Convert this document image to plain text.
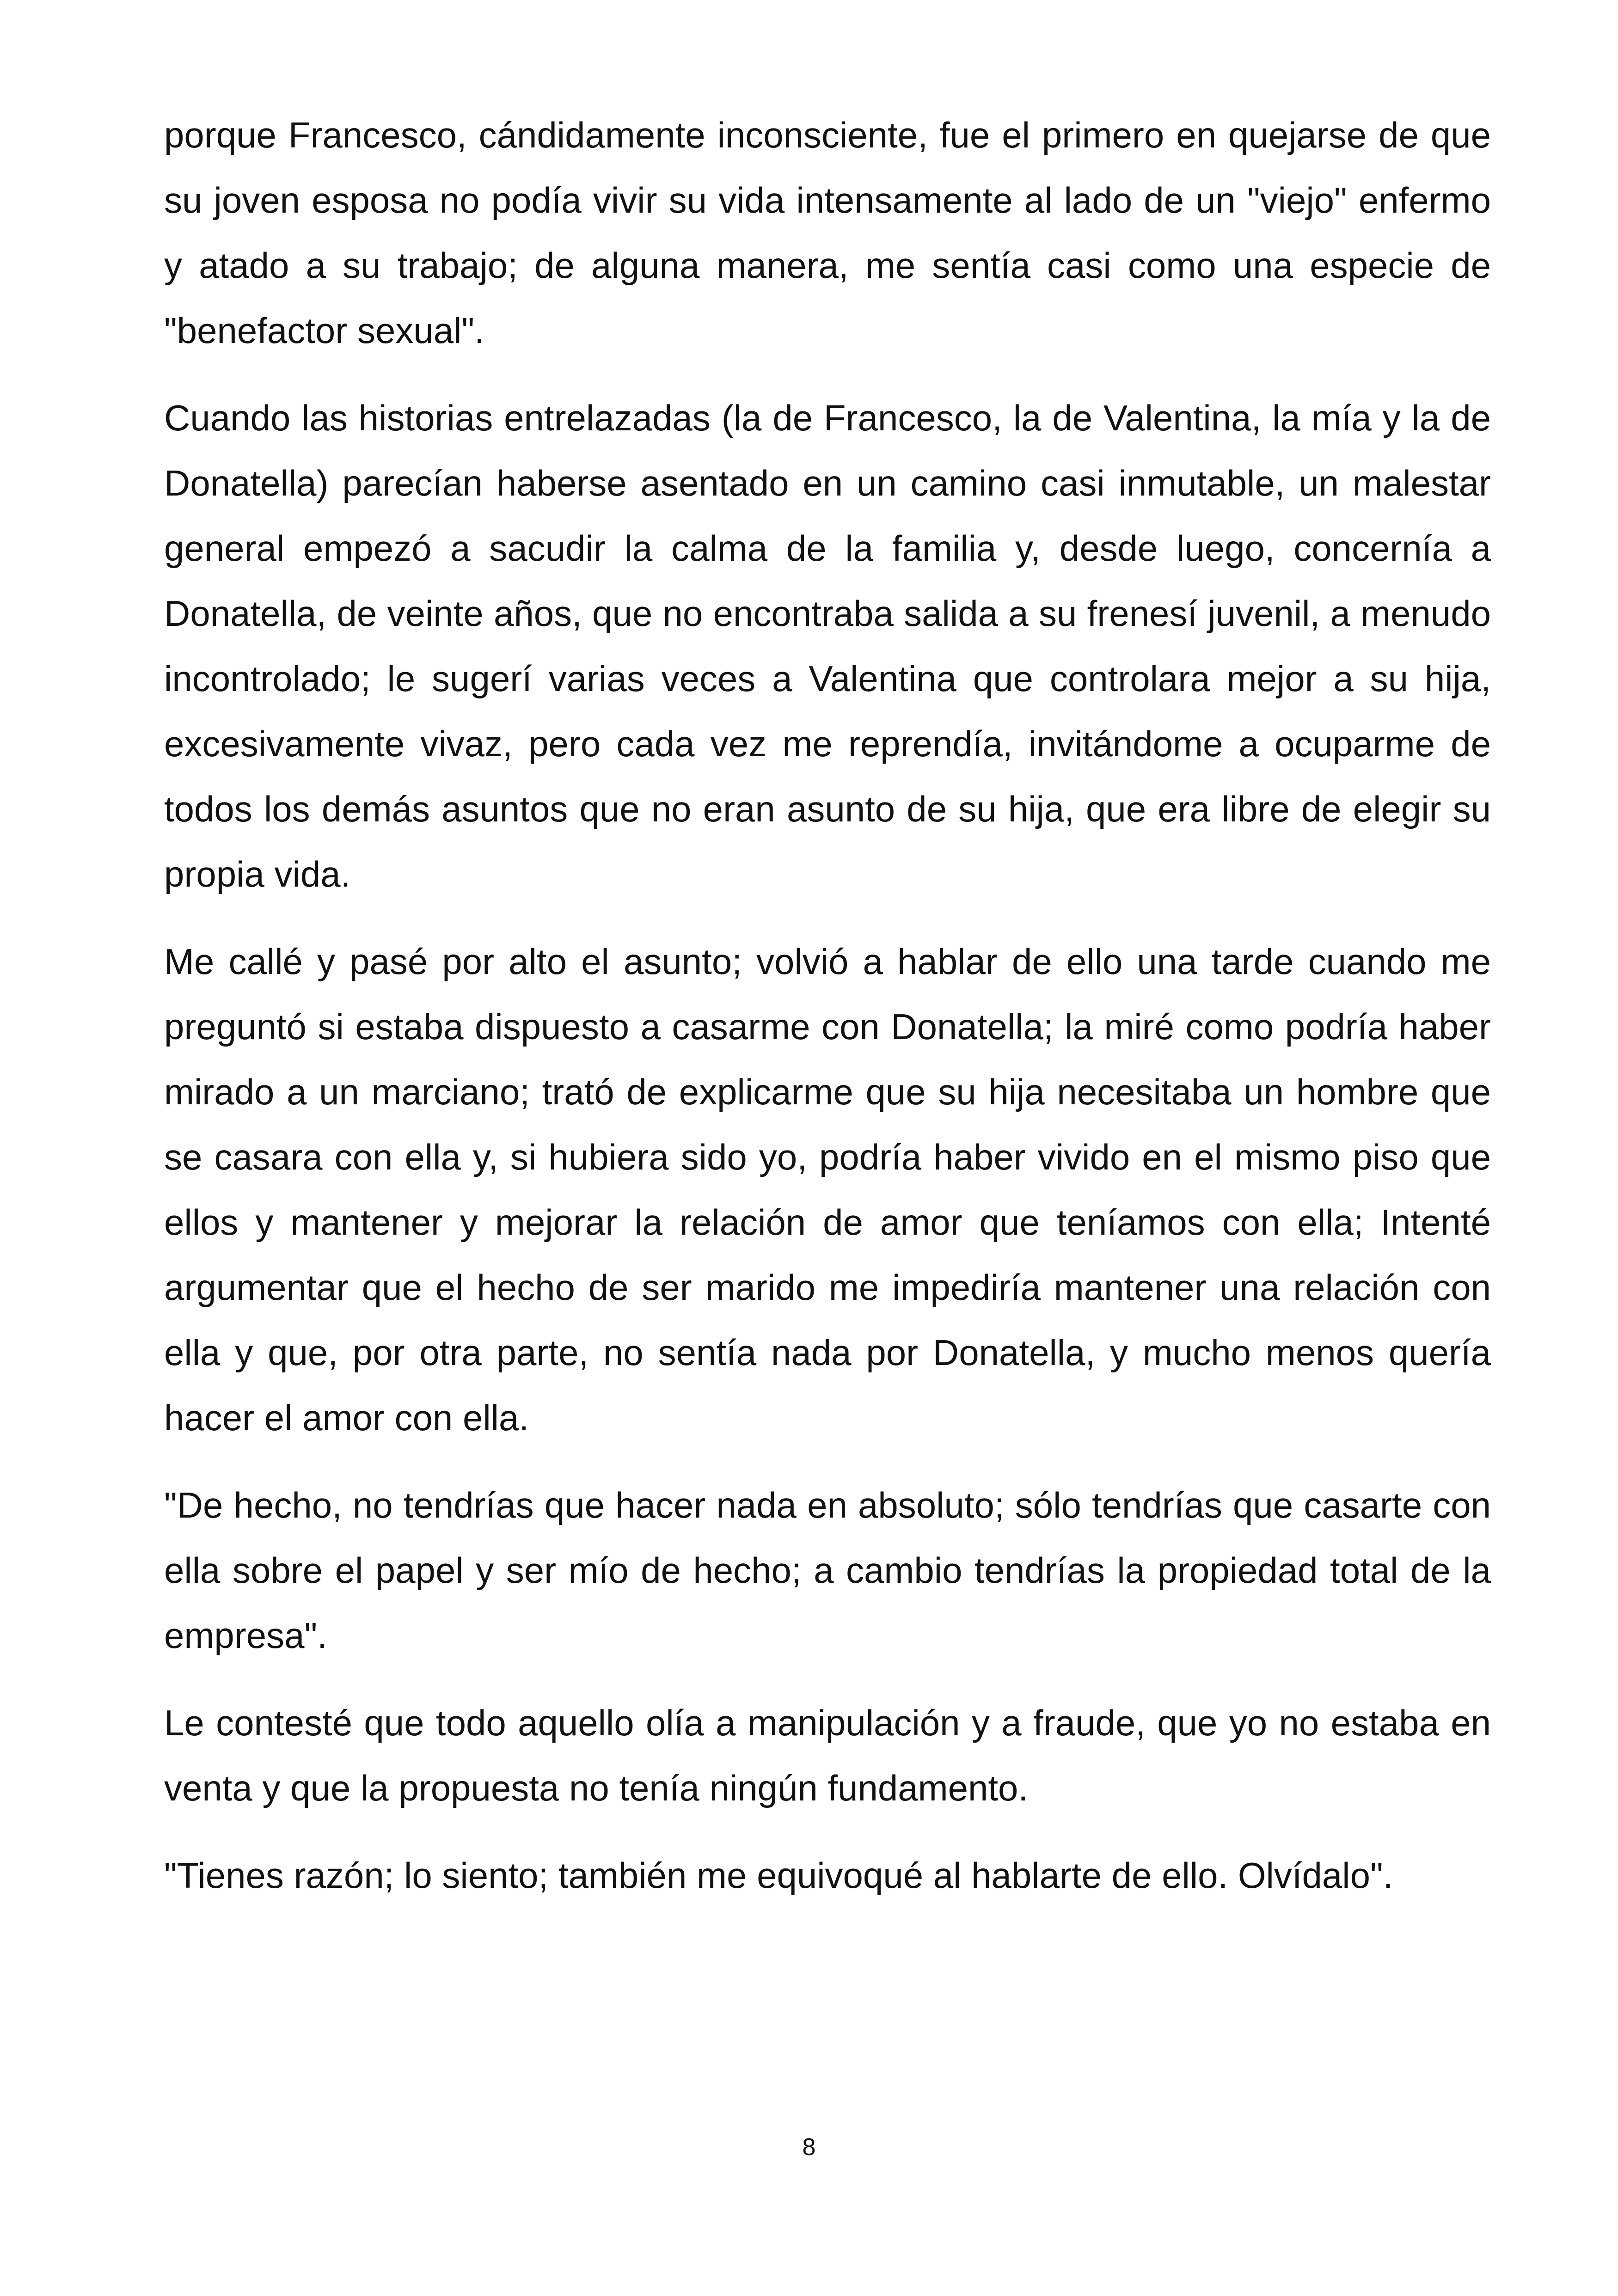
porque Francesco, cándidamente inconsciente, fue el primero en quejarse de que su joven esposa no podía vivir su vida intensamente al lado de un "viejo" enfermo y atado a su trabajo; de alguna manera, me sentía casi como una especie de "benefactor sexual".

Cuando las historias entrelazadas (la de Francesco, la de Valentina, la mía y la de Donatella) parecían haberse asentado en un camino casi inmutable, un malestar general empezó a sacudir la calma de la familia y, desde luego, concernía a Donatella, de veinte años, que no encontraba salida a su frenesí juvenil, a menudo incontrolado; le sugerí varias veces a Valentina que controlara mejor a su hija, excesivamente vivaz, pero cada vez me reprendía, invitándome a ocuparme de todos los demás asuntos que no eran asunto de su hija, que era libre de elegir su propia vida.

Me callé y pasé por alto el asunto; volvió a hablar de ello una tarde cuando me preguntó si estaba dispuesto a casarme con Donatella; la miré como podría haber mirado a un marciano; trató de explicarme que su hija necesitaba un hombre que se casara con ella y, si hubiera sido yo, podría haber vivido en el mismo piso que ellos y mantener y mejorar la relación de amor que teníamos con ella; Intenté argumentar que el hecho de ser marido me impediría mantener una relación con ella y que, por otra parte, no sentía nada por Donatella, y mucho menos quería hacer el amor con ella.

"De hecho, no tendrías que hacer nada en absoluto; sólo tendrías que casarte con ella sobre el papel y ser mío de hecho; a cambio tendrías la propiedad total de la empresa".

Le contesté que todo aquello olía a manipulación y a fraude, que yo no estaba en venta y que la propuesta no tenía ningún fundamento.

"Tienes razón; lo siento; también me equivoqué al hablarte de ello. Olvídalo".

8
